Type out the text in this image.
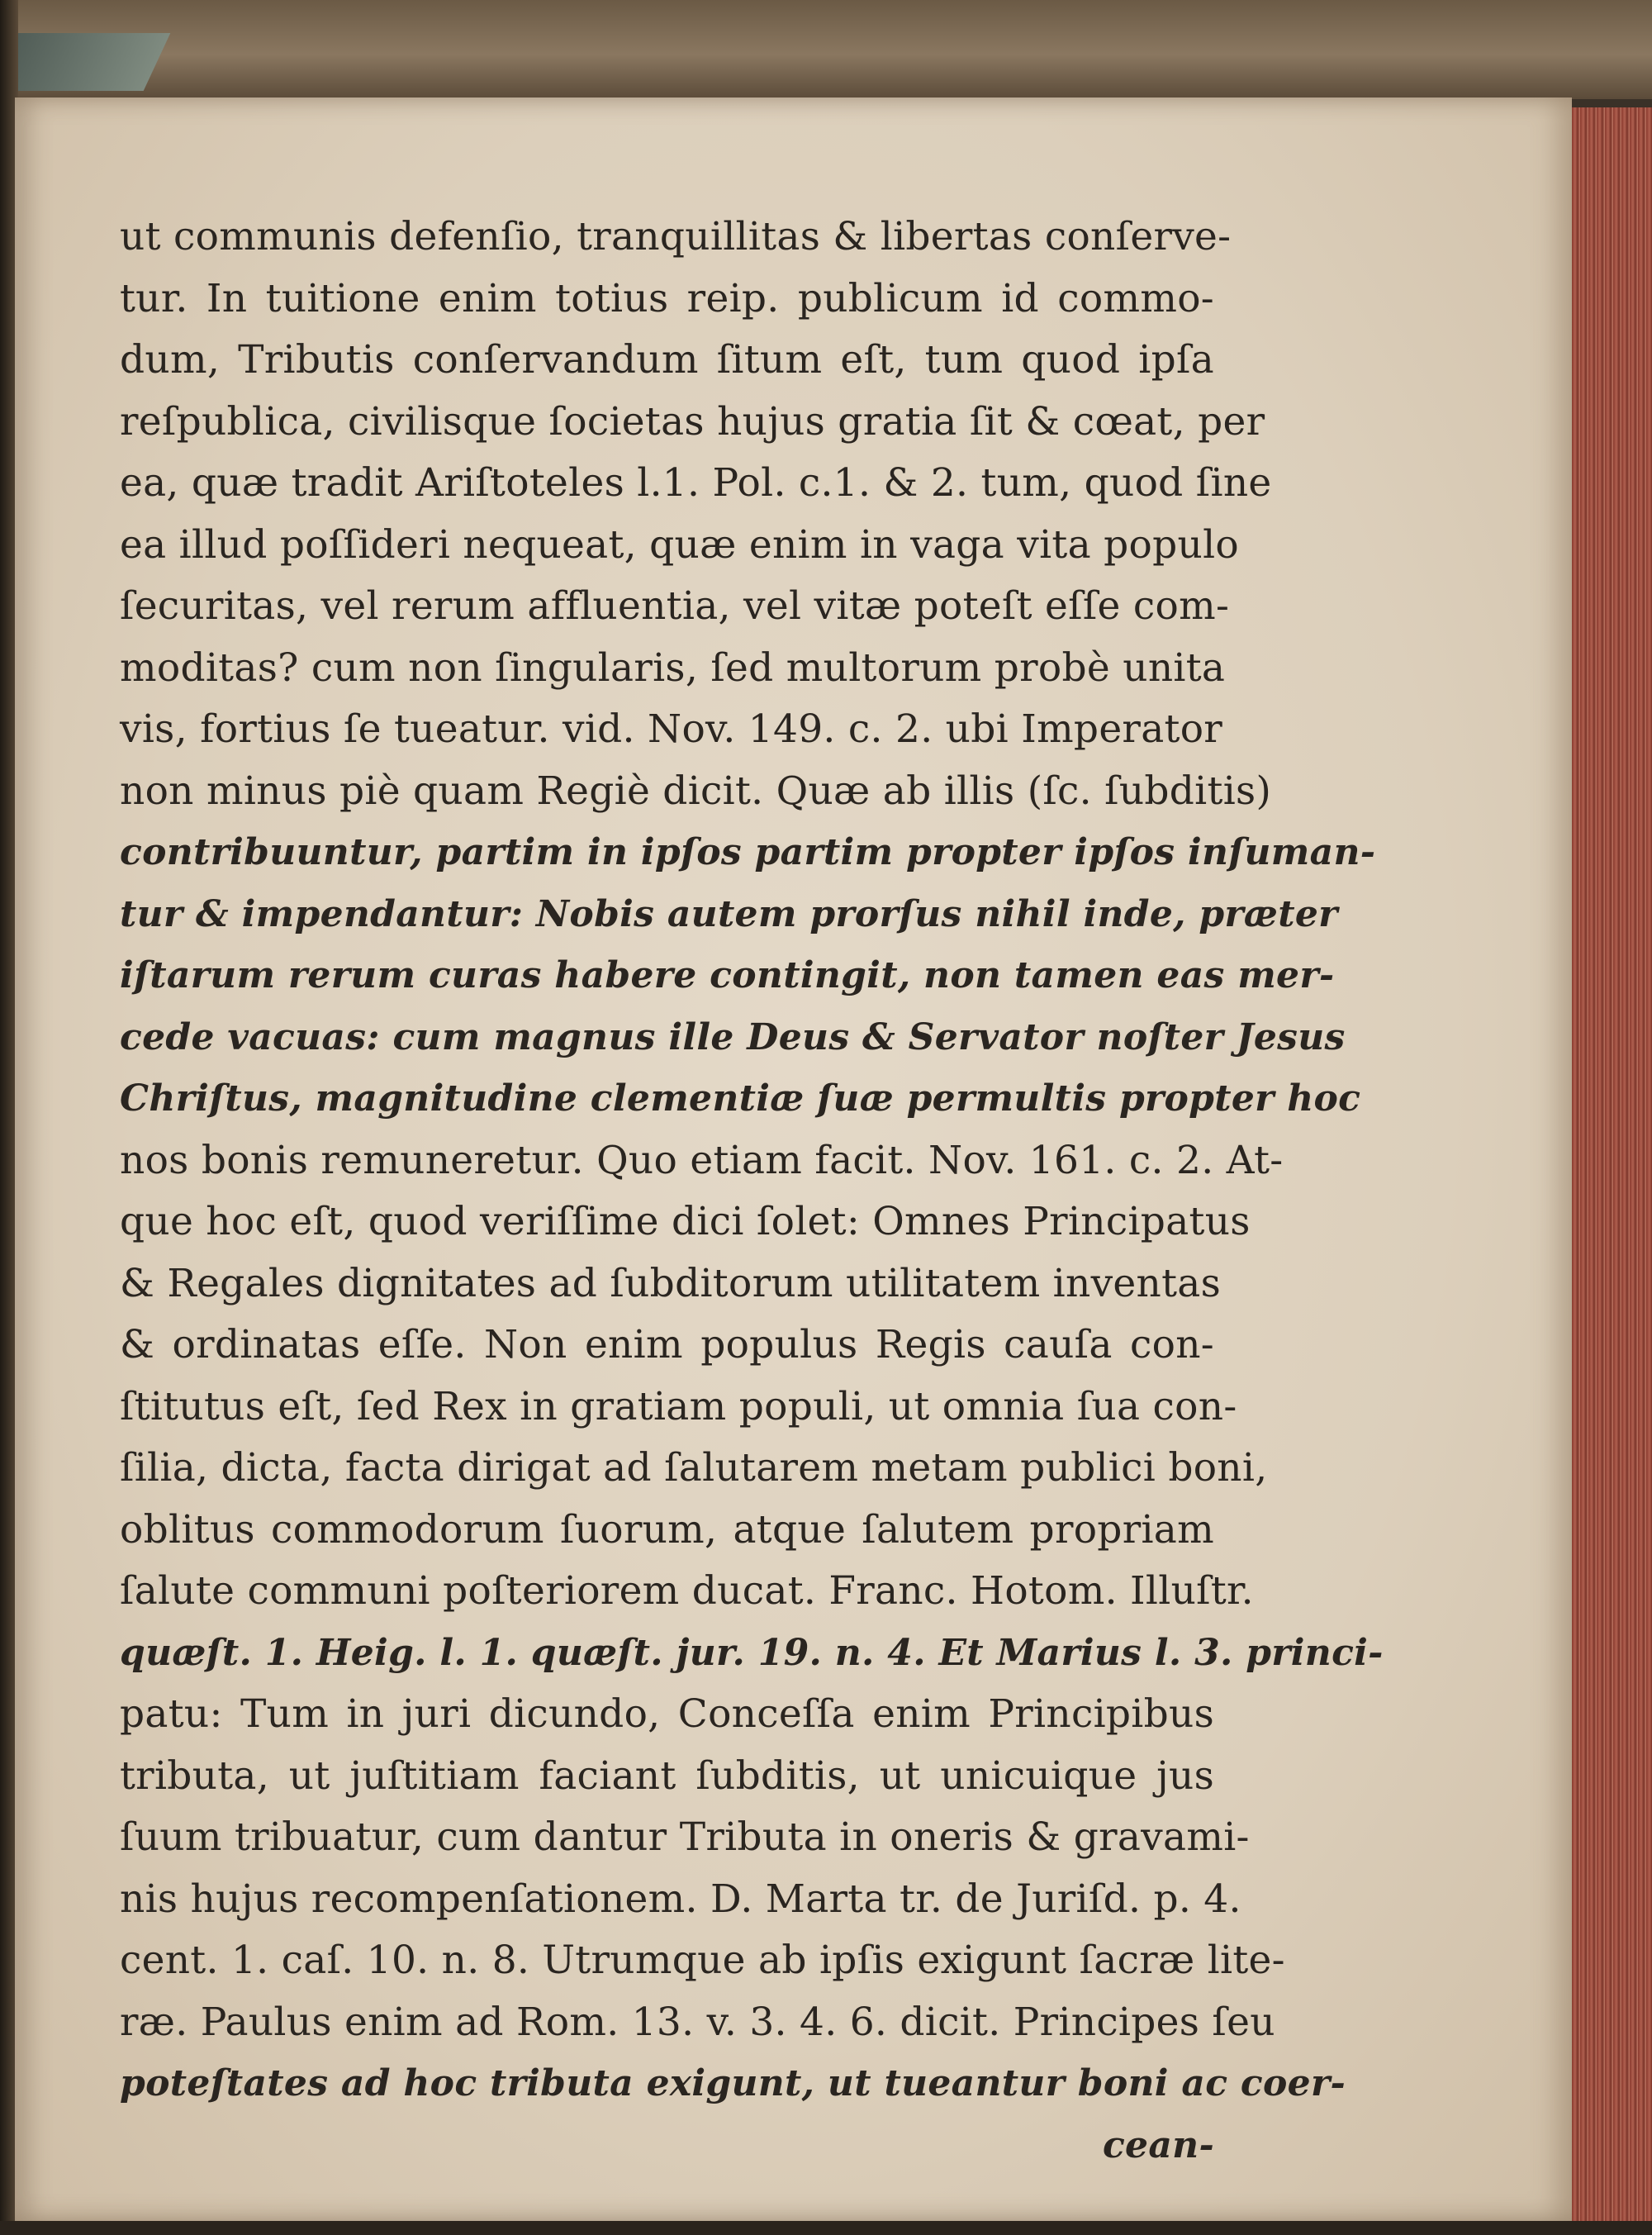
ut communis defenſio, tranquillitas & libertas conſerve-
tur. In tuitione enim totius reip. publicum id commo-
dum, Tributis conſervandum ſitum eſt, tum quod ipſa
reſpublica, civilisque ſocietas hujus gratia ſit & cœat, per
ea, quæ tradit Ariſtoteles l.1. Pol. c.1. & 2. tum, quod ſine
ea illud poſſideri nequeat, quæ enim in vaga vita populo
ſecuritas, vel rerum affluentia, vel vitæ poteſt eſſe com-
moditas? cum non ſingularis, ſed multorum probè unita
vis, fortius ſe tueatur. vid. Nov. 149. c. 2. ubi Imperator
non minus piè quam Regiè dicit. Quæ ab illis (ſc. ſubditis)
contribuuntur, partim in ipſos partim propter ipſos inſuman-
tur & impendantur: Nobis autem prorſus nihil inde, præter
iſtarum rerum curas habere contingit, non tamen eas mer-
cede vacuas: cum magnus ille Deus & Servator noſter Jesus
Chriſtus, magnitudine clementiæ ſuæ permultis propter hoc
nos bonis remuneretur. Quo etiam facit. Nov. 161. c. 2. At-
que hoc eſt, quod veriſſime dici ſolet: Omnes Principatus
& Regales dignitates ad ſubditorum utilitatem inventas
& ordinatas eſſe. Non enim populus Regis cauſa con-
ſtitutus eſt, ſed Rex in gratiam populi, ut omnia ſua con-
ſilia, dicta, facta dirigat ad ſalutarem metam publici boni,
oblitus commodorum ſuorum, atque ſalutem propriam
ſalute communi poſteriorem ducat. Franc. Hotom. Illuſtr.
quæſt. 1. Heig. l. 1. quæſt. jur. 19. n. 4. Et Marius l. 3. princi-
patu: Tum in juri dicundo, Conceſſa enim Principibus
tributa, ut juſtitiam faciant ſubditis, ut unicuique jus
ſuum tribuatur, cum dantur Tributa in oneris & gravami-
nis hujus recompenſationem. D. Marta tr. de Juriſd. p. 4.
cent. 1. caſ. 10. n. 8. Utrumque ab ipſis exigunt ſacræ lite-
ræ. Paulus enim ad Rom. 13. v. 3. 4. 6. dicit. Principes ſeu
poteſtates ad hoc tributa exigunt, ut tueantur boni ac coer-
cean-
